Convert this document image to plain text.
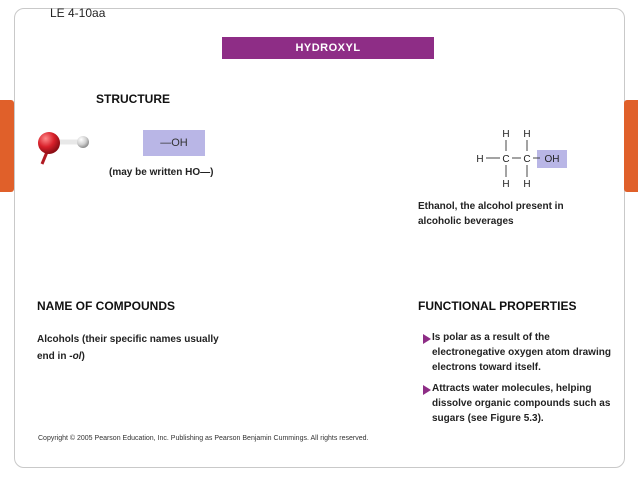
LE 4-10aa
HYDROXYL
STRUCTURE
—OH
(may be written HO—)
H H
H C C OH
H H
Ethanol, the alcohol present in alcoholic beverages
NAME OF COMPOUNDS
Alcohols (their specific names usually end in -ol)
FUNCTIONAL PROPERTIES
Is polar as a result of the electronegative oxygen atom drawing electrons toward itself.
Attracts water molecules, helping dissolve organic compounds such as sugars (see Figure 5.3).
Copyright © 2005 Pearson Education, Inc. Publishing as Pearson Benjamin Cummings. All rights reserved.
